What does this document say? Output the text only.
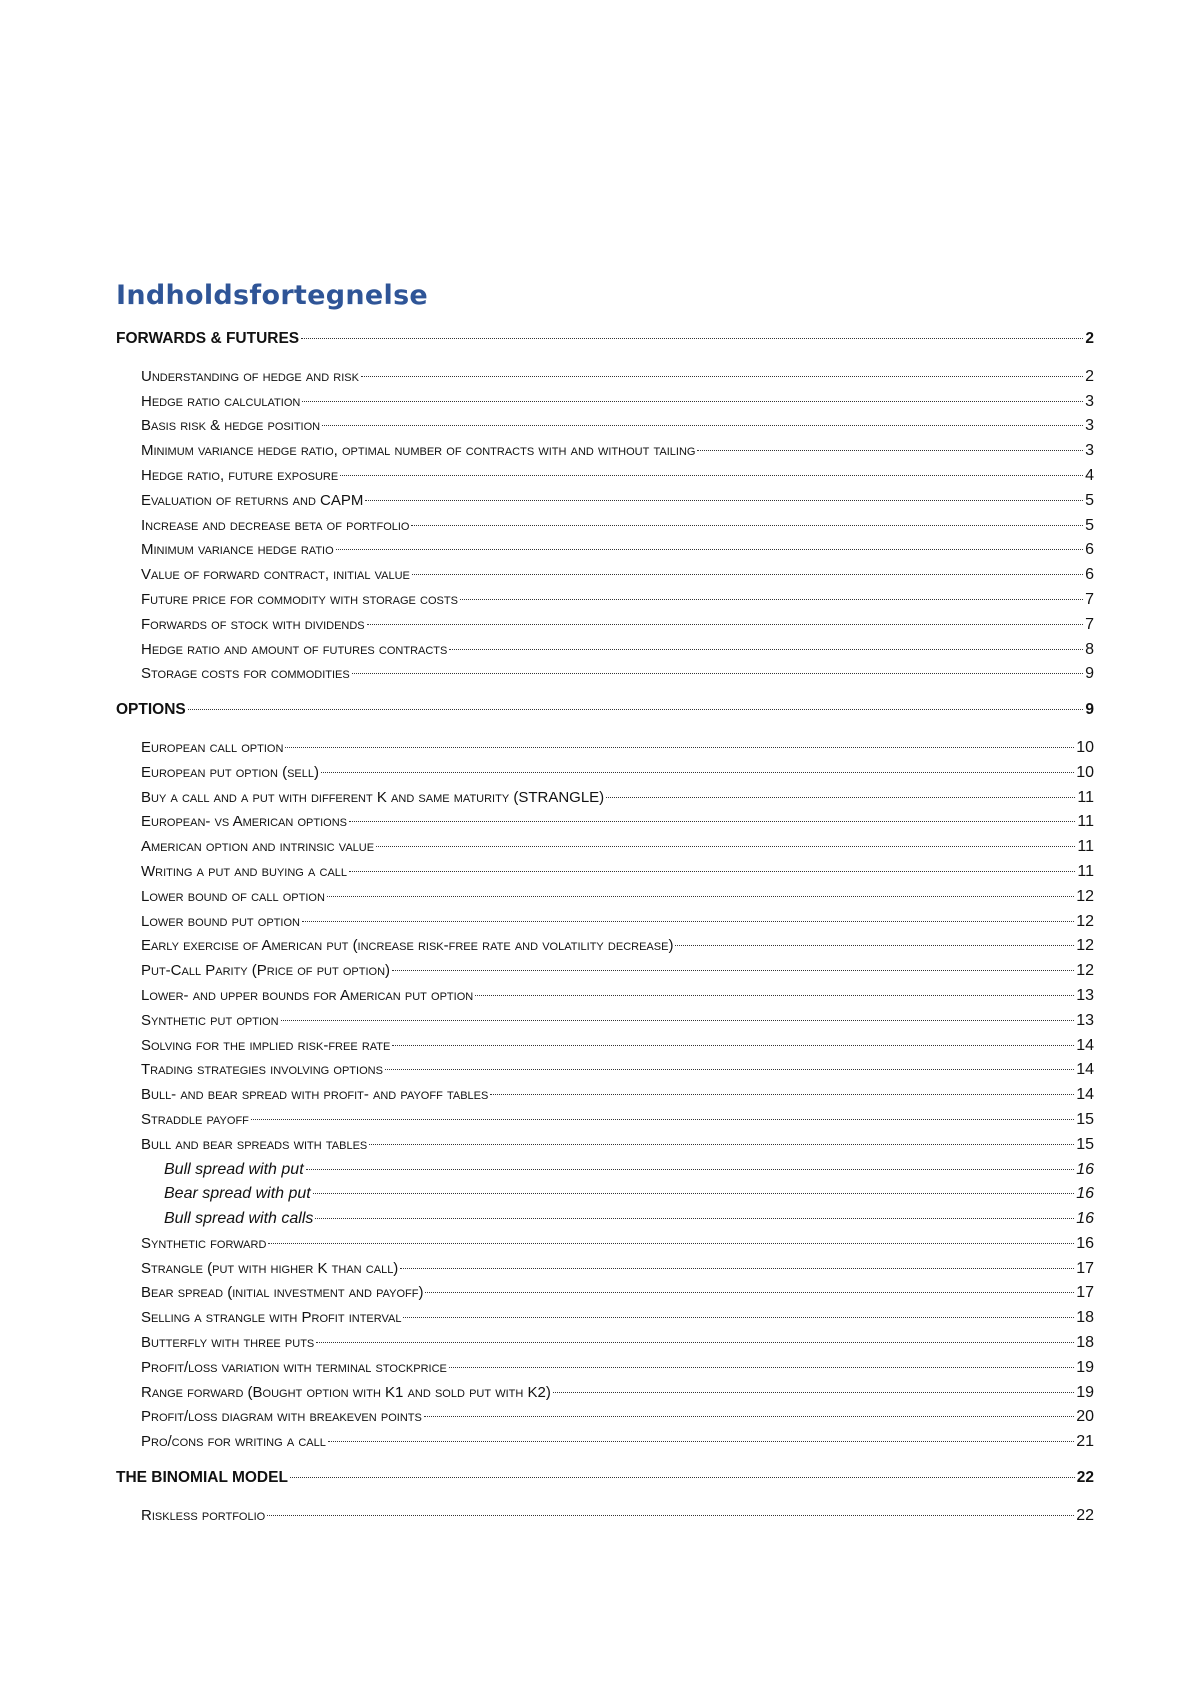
Indholdsfortegnelse
FORWARDS & FUTURES	2
Understanding of hedge and risk	2
Hedge ratio calculation	3
Basis risk & hedge position	3
Minimum variance hedge ratio, optimal number of contracts with and without tailing	3
Hedge ratio, future exposure	4
Evaluation of returns and CAPM	5
Increase and decrease beta of portfolio	5
Minimum variance hedge ratio	6
Value of forward contract, initial value	6
Future price for commodity with storage costs	7
Forwards of stock with dividends	7
Hedge ratio and amount of futures contracts	8
Storage costs for commodities	9
OPTIONS	9
European call option	10
European put option (sell)	10
Buy a call and a put with different K and same maturity (STRANGLE)	11
European- vs American options	11
American option and intrinsic value	11
Writing a put and buying a call	11
Lower bound of call option	12
Lower bound put option	12
Early exercise of American put (increase risk-free rate and volatility decrease)	12
Put-Call Parity (Price of put option)	12
Lower- and upper bounds for American put option	13
Synthetic put option	13
Solving for the implied risk-free rate	14
Trading strategies involving options	14
Bull- and bear spread with profit- and payoff tables	14
Straddle payoff	15
Bull and bear spreads with tables	15
Bull spread with put	16
Bear spread with put	16
Bull spread with calls	16
Synthetic forward	16
Strangle (put with higher K than call)	17
Bear spread (initial investment and payoff)	17
Selling a strangle with Profit interval	18
Butterfly with three puts	18
Profit/loss variation with terminal stockprice	19
Range forward (Bought option with K1 and sold put with K2)	19
Profit/loss diagram with breakeven points	20
Pro/cons for writing a call	21
THE BINOMIAL MODEL	22
Riskless portfolio	22
